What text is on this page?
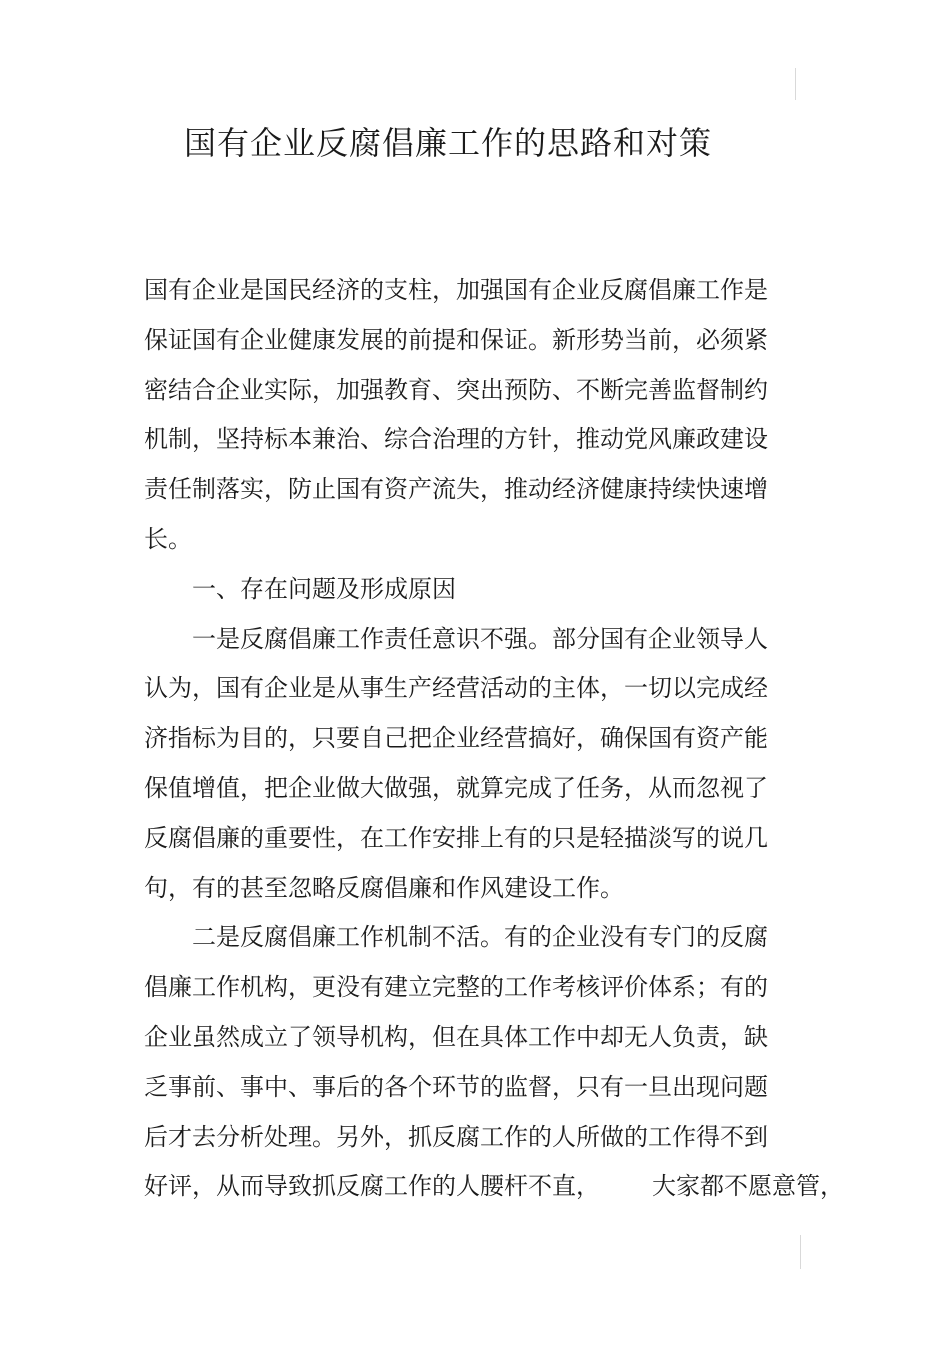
国有企业反腐倡廉工作的思路和对策
国有企业是国民经济的支柱，加强国有企业反腐倡廉工作是
保证国有企业健康发展的前提和保证。新形势当前，必须紧
密结合企业实际，加强教育、突出预防、不断完善监督制约
机制，坚持标本兼治、综合治理的方针，推动党风廉政建设
责任制落实，防止国有资产流失，推动经济健康持续快速增
长。
一、存在问题及形成原因
一是反腐倡廉工作责任意识不强。部分国有企业领导人
认为，国有企业是从事生产经营活动的主体，一切以完成经
济指标为目的，只要自己把企业经营搞好，确保国有资产能
保值增值，把企业做大做强，就算完成了任务，从而忽视了
反腐倡廉的重要性，在工作安排上有的只是轻描淡写的说几
句，有的甚至忽略反腐倡廉和作风建设工作。
二是反腐倡廉工作机制不活。有的企业没有专门的反腐
倡廉工作机构，更没有建立完整的工作考核评价体系；有的
企业虽然成立了领导机构，但在具体工作中却无人负责，缺
乏事前、事中、事后的各个环节的监督，只有一旦出现问题
后才去分析处理。另外，抓反腐工作的人所做的工作得不到
好评，从而导致抓反腐工作的人腰杆不直， 大家都不愿意管，
